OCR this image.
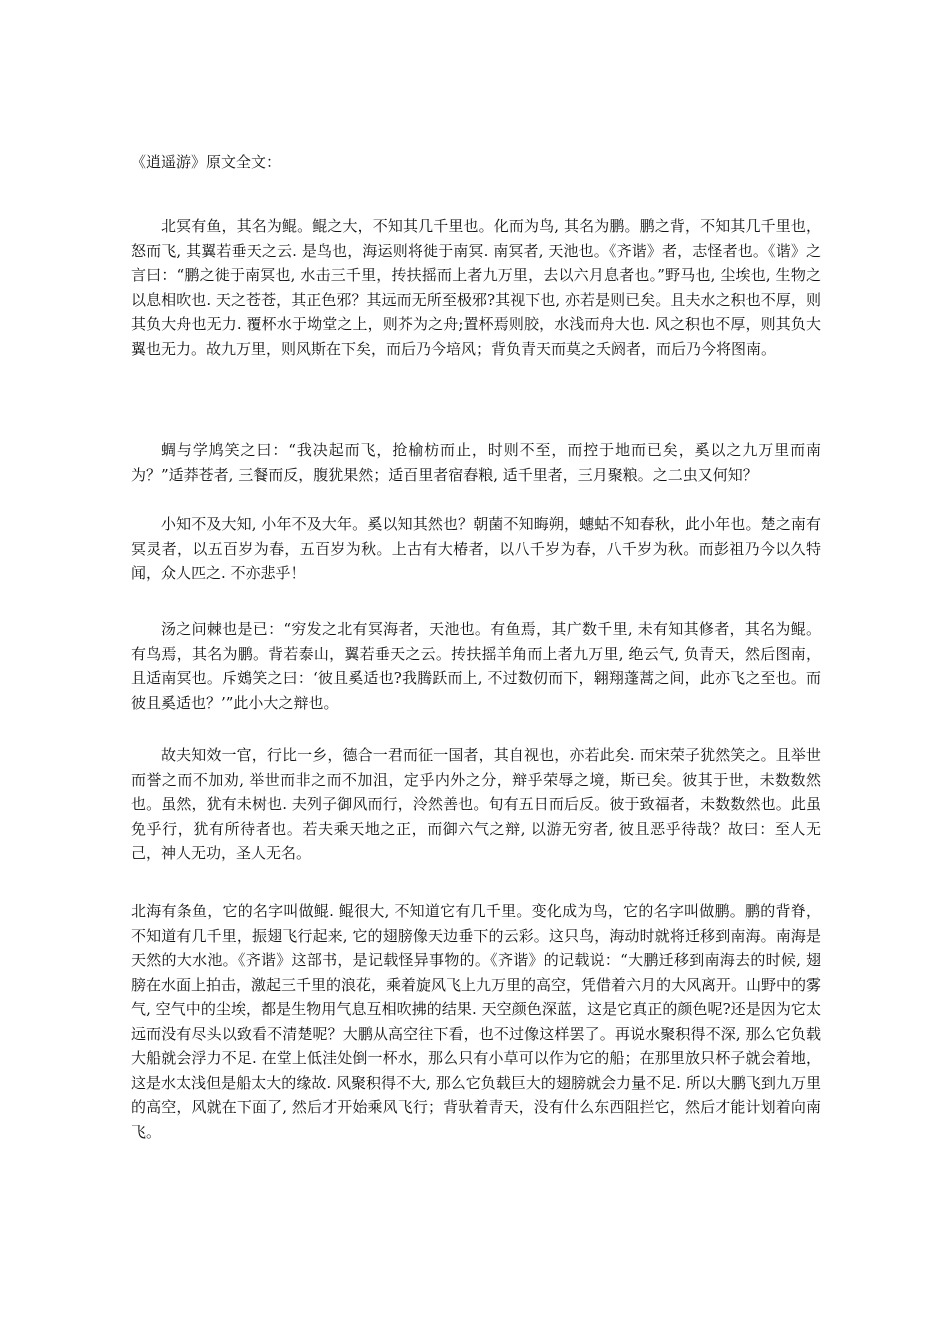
《逍遥游》原文全文：

北冥有鱼，其名为鲲。鲲之大，不知其几千里也。化而为鸟, 其名为鹏。鹏之背，不知其几千里也，怒而飞, 其翼若垂天之云. 是鸟也，海运则将徙于南冥. 南冥者, 天池也。《齐谐》者，志怪者也。《谐》之言曰：“鹏之徙于南冥也, 水击三千里，抟扶摇而上者九万里，去以六月息者也。”野马也, 尘埃也, 生物之以息相吹也. 天之苍苍，其正色邪？其远而无所至极邪?其视下也, 亦若是则已矣。且夫水之积也不厚，则其负大舟也无力. 覆杯水于坳堂之上，则芥为之舟;置杯焉则胶，水浅而舟大也. 风之积也不厚，则其负大翼也无力。故九万里，则风斯在下矣，而后乃今培风；背负青天而莫之夭阏者，而后乃今将图南。

蜩与学鸠笑之曰：“我决起而飞，抢榆枋而止，时则不至，而控于地而已矣，奚以之九万里而南为？”适莽苍者, 三餐而反，腹犹果然；适百里者宿舂粮, 适千里者，三月聚粮。之二虫又何知？

小知不及大知, 小年不及大年。奚以知其然也？朝菌不知晦朔，蟪蛄不知春秋，此小年也。楚之南有冥灵者，以五百岁为春，五百岁为秋。上古有大椿者，以八千岁为春，八千岁为秋。而彭祖乃今以久特闻，众人匹之. 不亦悲乎！

汤之问棘也是已：“穷发之北有冥海者，天池也。有鱼焉，其广数千里, 未有知其修者，其名为鲲。有鸟焉，其名为鹏。背若泰山，翼若垂天之云。抟扶摇羊角而上者九万里, 绝云气, 负青天，然后图南，且适南冥也。斥鴳笑之曰：‘彼且奚适也?我腾跃而上, 不过数仞而下，翱翔蓬蒿之间，此亦飞之至也。而彼且奚适也？’”此小大之辩也。

故夫知效一官，行比一乡，德合一君而征一国者，其自视也，亦若此矣. 而宋荣子犹然笑之。且举世而誉之而不加劝, 举世而非之而不加沮，定乎内外之分，辩乎荣辱之境，斯已矣。彼其于世，未数数然也。虽然，犹有未树也. 夫列子御风而行，泠然善也。旬有五日而后反。彼于致福者，未数数然也。此虽免乎行，犹有所待者也。若夫乘天地之正，而御六气之辩, 以游无穷者, 彼且恶乎待哉？故曰：至人无己，神人无功，圣人无名。

北海有条鱼，它的名字叫做鲲. 鲲很大, 不知道它有几千里。变化成为鸟，它的名字叫做鹏。鹏的背脊，不知道有几千里，振翅飞行起来, 它的翅膀像天边垂下的云彩。这只鸟，海动时就将迁移到南海。南海是天然的大水池。《齐谐》这部书，是记载怪异事物的。《齐谐》的记载说：“大鹏迁移到南海去的时候, 翅膀在水面上拍击，激起三千里的浪花，乘着旋风飞上九万里的高空，凭借着六月的大风离开。山野中的雾气, 空气中的尘埃，都是生物用气息互相吹拂的结果. 天空颜色深蓝，这是它真正的颜色呢?还是因为它太远而没有尽头以致看不清楚呢？大鹏从高空往下看，也不过像这样罢了。再说水聚积得不深, 那么它负载大船就会浮力不足. 在堂上低洼处倒一杯水，那么只有小草可以作为它的船；在那里放只杯子就会着地，这是水太浅但是船太大的缘故. 风聚积得不大, 那么它负载巨大的翅膀就会力量不足. 所以大鹏飞到九万里的高空，风就在下面了, 然后才开始乘风飞行；背驮着青天，没有什么东西阻拦它，然后才能计划着向南飞。
